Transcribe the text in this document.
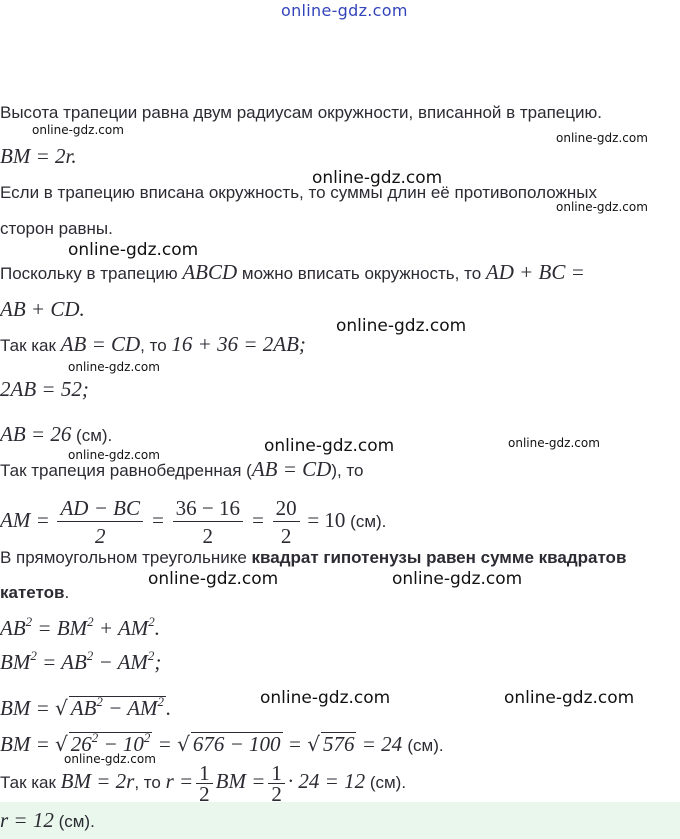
online-gdz.com
online-gdz.com
online-gdz.com
online-gdz.com
online-gdz.com
online-gdz.com
online-gdz.com
online-gdz.com
online-gdz.com	online-gdz.com
online-gdz.com
online-gdz.com	online-gdz.com
online-gdz.com	online-gdz.com
online-gdz.com
Высота трапеции равна двум радиусам окружности, вписанной в трапецию.
BM = 2r.
Если в трапецию вписана окружность, то суммы длин её противоположных
сторон равны.
Поскольку в трапецию ABCD можно вписать окружность, то AD + BC =
AB + CD.
Так как AB = CD, то 16 + 36 = 2AB;
2AB = 52;
AB = 26 (см).
Так трапеция равнобедренная (AB = CD), то
AM = $\frac{AD - BC}{2} = \frac{36 - 16}{2} = \frac{20}{2} = 10$ (см).
В прямоугольном треугольнике квадрат гипотенузы равен сумме квадратов
катетов.
$AB^2 = BM^2 + AM^2$.
$BM^2 = AB^2 - AM^2$;
BM = √ $AB^2 - AM^2$.
BM = √ $26^2 - 10^2$ = √ 676 − 100 = √ 576 = 24 (см).
Так как BM = 2r, то $r = \frac{1}{2}$ BM = $\frac{1}{2} \cdot 24 = 12$ (см).
r = 12 (см).
